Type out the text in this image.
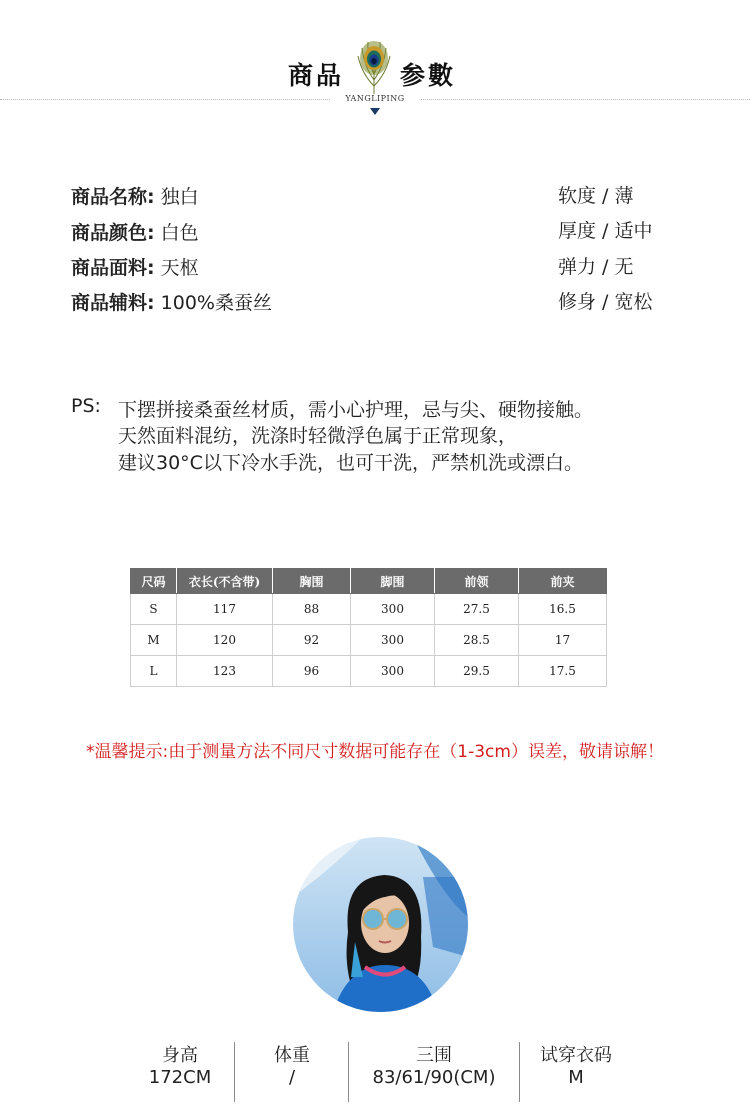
商品 参數
YANGLIPING
商品名称: 独白
商品颜色: 白色
商品面料: 天枢
商品辅料: 100%桑蚕丝
软度 / 薄
厚度 / 适中
弹力 / 无
修身 / 宽松
PS: 下摆拼接桑蚕丝材质，需小心护理，忌与尖、硬物接触。
天然面料混纺，洗涤时轻微浮色属于正常现象，
建议30°C以下冷水手洗，也可干洗，严禁机洗或漂白。
尺码	衣长(不含带)	胸围	脚围	前领	前夹
S	117	88	300	27.5	16.5
M	120	92	300	28.5	17
L	123	96	300	29.5	17.5
*温馨提示:由于测量方法不同尺寸数据可能存在（1-3cm）误差，敬请谅解！
身高
172CM
体重
/
三围
83/61/90(CM)
试穿衣码
M
